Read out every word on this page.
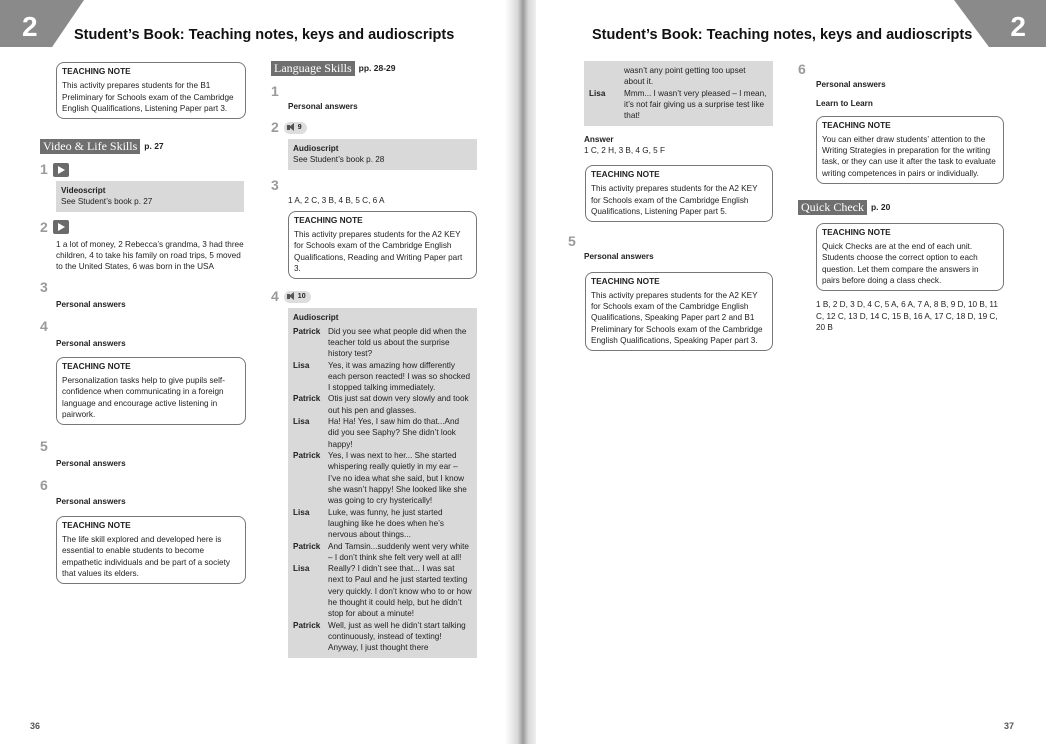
2	Student’s Book: Teaching notes, keys and audioscripts
TEACHING NOTE
This activity prepares students for the B1 Preliminary for Schools exam of the Cambridge English Qualifications, Listening Paper part 3.
Video & Life Skills p. 27
1
Videoscript
See Student’s book p. 27
2
1 a lot of money, 2 Rebecca’s grandma, 3 had three children, 4 to take his family on road trips, 5 moved to the United States, 6 was born in the USA
3
Personal answers
4
Personal answers
TEACHING NOTE
Personalization tasks help to give pupils self-confidence when communicating in a foreign language and encourage active listening in pairwork.
5
Personal answers
6
Personal answers
TEACHING NOTE
The life skill explored and developed here is essential to enable students to become empathetic individuals and be part of a society that values its elders.
Language Skills pp. 28-29
1
Personal answers
2	9
Audioscript
See Student’s book p. 28
3
1 A, 2 C, 3 B, 4 B, 5 C, 6 A
TEACHING NOTE
This activity prepares students for the A2 KEY for Schools exam of the Cambridge English Qualifications, Reading and Writing Paper part 3.
4	10
Audioscript
Patrick Did you see what people did when the teacher told us about the surprise history test?
Lisa	Yes, it was amazing how differently each person reacted! I was so shocked I stopped talking immediately.
Patrick Otis just sat down very slowly and took out his pen and glasses.
Lisa	Ha! Ha! Yes, I saw him do that...And did you see Saphy? She didn’t look happy!
Patrick Yes, I was next to her... She started whispering really quietly in my ear – I’ve no idea what she said, but I know she wasn’t happy! She looked like she was going to cry hysterically!
Lisa	Luke, was funny, he just started laughing like he does when he’s nervous about things...
Patrick And Tamsin...suddenly went very white – I don’t think she felt very well at all!
Lisa	Really? I didn’t see that... I was sat next to Paul and he just started texting very quickly. I don’t know who to or how he thought it could help, but he didn’t stop for about a minute!
Patrick Well, just as well he didn’t start talking continuously, instead of texting! Anyway, I just thought there
36
2
Student’s Book: Teaching notes, keys and audioscripts
wasn’t any point getting too upset about it.
Lisa	Mmm... I wasn’t very pleased – I mean, it’s not fair giving us a surprise test like that!
Answer
1 C, 2 H, 3 B, 4 G, 5 F
TEACHING NOTE
This activity prepares students for the A2 KEY for Schools exam of the Cambridge English Qualifications, Listening Paper part 5.
5
Personal answers
TEACHING NOTE
This activity prepares students for the A2 KEY for Schools exam of the Cambridge English Qualifications, Speaking Paper part 2 and B1 Preliminary for Schools exam of the Cambridge English Qualifications, Speaking Paper part 3.
6
Personal answers
Learn to Learn
TEACHING NOTE
You can either draw students’ attention to the Writing Strategies in preparation for the writing task, or they can use it after the task to evaluate writing competences in pairs or individually.
Quick Check p. 20
TEACHING NOTE
Quick Checks are at the end of each unit. Students choose the correct option to each question. Let them compare the answers in pairs before doing a class check.
1 B, 2 D, 3 D, 4 C, 5 A, 6 A, 7 A, 8 B, 9 D, 10 B, 11 C, 12 C, 13 D, 14 C, 15 B, 16 A, 17 C, 18 D, 19 C, 20 B
37
